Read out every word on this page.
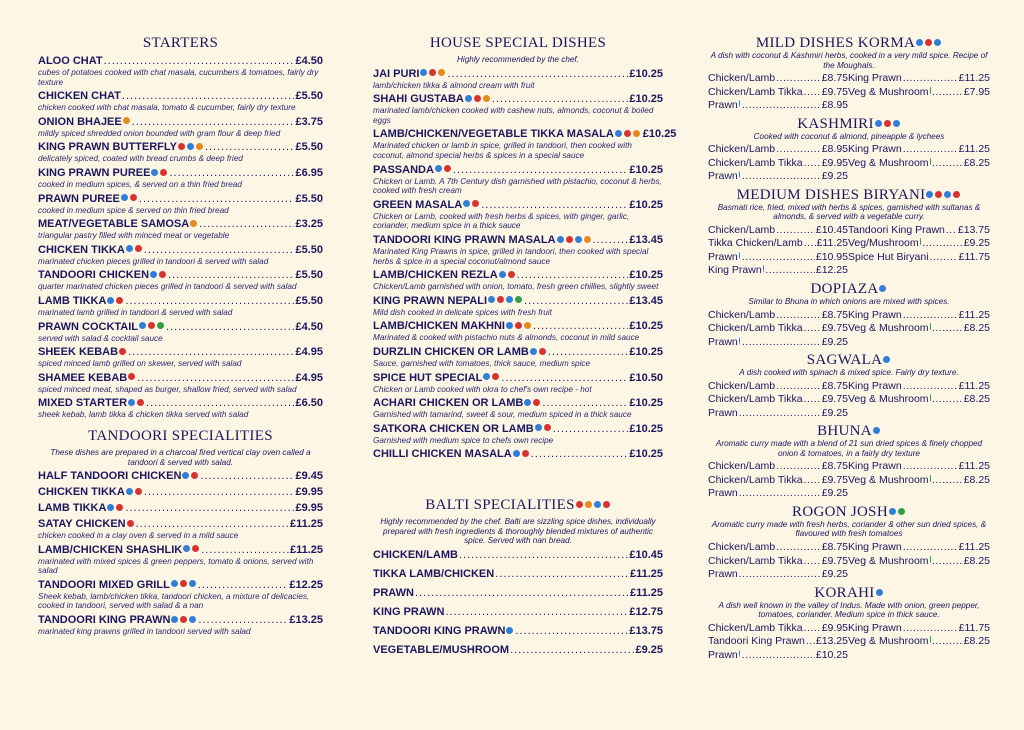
STARTERS
ALOO CHAT .....	£4.50
cubes of potatoes cooked with chat masala, cucumbers & tomatoes, fairly dry texture
CHICKEN CHAT .....	£5.50
chicken cooked with chat masala, tomato & cucumber, fairly dry texture
ONION BHAJEE .....	£3.75
mildly spiced shredded onion bounded with gram flour & deep fried
KING PRAWN BUTTERFLY .....	£5.50
delicately spiced, coated with bread crumbs & deep fried
KING PRAWN PUREE .....	£6.95
cooked in medium spices, & served on a thin fried bread
PRAWN PUREE .....	£5.50
cooked in medium spice & served on thin fried bread
MEAT/VEGETABLE SAMOSA .....	£3.25
triangular pastry filled with minced meat or vegetable
CHICKEN TIKKA .....	£5.50
marinated chicken pieces grilled in tandoori & served with salad
TANDOORI CHICKEN .....	£5.50
quarter marinated chicken pieces grilled in tandoori & served with salad
LAMB TIKKA .....	£5.50
marinated lamb grilled in tandoori & served with salad
PRAWN COCKTAIL .....	£4.50
served with salad & cocktail sauce
SHEEK KEBAB .....	£4.95
spiced minced lamb grilled on skewer, served with salad
SHAMEE KEBAB .....	£4.95
spiced minced meat, shaped as burger, shallow fried, served with salad
MIXED STARTER .....	£6.50
sheek kebab, lamb tikka & chicken tikka served with salad
TANDOORI SPECIALITIES
These dishes are prepared in a charcoal fired vertical clay oven called a tandoori & served with salad.
HALF TANDOORI CHICKEN .....	£9.45
CHICKEN TIKKA .....	£9.95
LAMB TIKKA .....	£9.95
SATAY CHICKEN .....	£11.25
chicken cooked in a clay oven & served in a mild sauce
LAMB/CHICKEN SHASHLIK .....	£11.25
marinated with mixed spices & green peppers, tomato & onions, served with salad
TANDOORI MIXED GRILL .....	£12.25
Sheek kebab, lamb/chicken tikka, tandoori chicken, a mixture of delicacies, cooked in tandoori, served with salad & a nan
TANDOORI KING PRAWN .....	£13.25
marinated king prawns grilled in tandoori served with salad
HOUSE SPECIAL DISHES
Highly recommended by the chef.
JAI PURI .....	£10.25
lamb/chicken tikka & almond cream with fruit
SHAHI GUSTABA .....	£10.25
marinated lamb/chicken cooked with cashew nuts, almonds, coconut & boiled eggs
LAMB/CHICKEN/VEGETABLE TIKKA MASALA	£10.25
Marinated chicken or lamb in spice, grilled in tandoori, then cooked with coconut, almond special herbs & spices in a special sauce
PASSANDA .....	£10.25
Chicken or Lamb. A 7th Century dish garnished with pistachio, coconut & herbs, cooked with fresh cream
GREEN MASALA .....	£10.25
Chicken or Lamb, cooked with fresh herbs & spices, with ginger, garlic, coriander, medium spice in a thick sauce
TANDOORI KING PRAWN MASALA .....	£13.45
Marinated King Prawns in spice, grilled in tandoori, then cooked with special herbs & spice in a special coconut/almond sauce
LAMB/CHICKEN REZLA .....	£10.25
Chicken/Lamb garnished with onion, tomato, fresh green chillies, slightly sweet
KING PRAWN NEPALI .....	£13.45
Mild dish cooked in delicate spices with fresh fruit
LAMB/CHICKEN MAKHNI .....	£10.25
Marinated & cooked with pistachio nuts & almonds, coconut in mild sauce
DURZLIN CHICKEN OR LAMB .....	£10.25
Sauce, garnished with tomatoes, thick sauce, medium spice
SPICE HUT SPECIAL .....	£10.50
Chicken or Lamb cooked with okra to chef's own recipe - hot
ACHARI CHICKEN OR LAMB .....	£10.25
Garnished with tamarind, sweet & sour, medium spiced in a thick sauce
SATKORA CHICKEN OR LAMB .....	£10.25
Garnished with medium spice to chefs own recipe
CHILLI CHICKEN MASALA .....	£10.25
BALTI SPECIALITIES
Highly recommended by the chef. Balti are sizzling spice dishes, individually prepared with fresh ingredients & thoroughly blended mixtures of authentic spice. Served with nan bread.
CHICKEN/LAMB .....	£10.45
TIKKA LAMB/CHICKEN .....	£11.25
PRAWN .....	£11.25
KING PRAWN .....	£12.75
TANDOORI KING PRAWN .....	£13.75
VEGETABLE/MUSHROOM .....	£9.25
MILD DISHES KORMA
A dish with coconut & Kashmiri herbs, cooked in a very mild spice. Recipe of the Moughals.
Chicken/Lamb .....	£8.75 King Prawn .....	£11.25
Chicken/Lamb Tikka ..... £9.75 Veg & Mushroom .....	£7.95
Prawn .....	£8.95
KASHMIRI
Cooked with coconut & almond, pineapple & lychees
Chicken/Lamb .....	£8.95 King Prawn .....	£11.25
Chicken/Lamb Tikka ..... £9.95 Veg & Mushroom .....	£8.25
Prawn .....	£9.25
MEDIUM DISHES BIRYANI
Basmati rice, fried, mixed with herbs & spices, garnished with sultanas & almonds, & served with a vegetable curry.
Chicken/Lamb .....	£10.45 Tandoori King Prawn ..... £13.75
Tikka Chicken/Lamb ..... £11.25 Veg/Mushroom .....	£9.25
Prawn .....	£10.95 Spice Hut Biryani .....	£11.75
King Prawn .....	£12.25
DOPIAZA
Similar to Bhuna in which onions are mixed with spices.
Chicken/Lamb .....	£8.75 King Prawn .....	£11.25
Chicken/Lamb Tikka ..... £9.75 Veg & Mushroom .....	£8.25
Prawn .....	£9.25
SAGWALA
A dish cooked with spinach & mixed spice. Fairly dry texture.
Chicken/Lamb .....	£8.75 King Prawn .....	£11.25
Chicken/Lamb Tikka ..... £9.75 Veg & Mushroom .....	£8.25
Prawn .....	£9.25
BHUNA
Aromatic curry made with a blend of 21 sun dried spices & finely chopped onion & tomatoes, in a fairly dry texture
Chicken/Lamb .....	£8.75 King Prawn .....	£11.25
Chicken/Lamb Tikka ..... £9.75 Veg & Mushroom .....	£8.25
Prawn .....	£9.25
ROGON JOSH
Aromatic curry made with fresh herbs, coriander & other sun dried spices, & flavoured with fresh tomatoes
Chicken/Lamb .....	£8.75 King Prawn .....	£11.25
Chicken/Lamb Tikka ..... £9.75 Veg & Mushroom .....	£8.25
Prawn .....	£9.25
KORAHI
A dish well known in the valley of Indus. Made with onion, green pepper, tomatoes, coriander. Medium spice in thick sauce.
Chicken/Lamb Tikka ..... £9.95 King Prawn .....	£11.75
Tandoori King Prawn ..... £13.25 Veg & Mushroom .....	£8.25
Prawn .....	£10.25
